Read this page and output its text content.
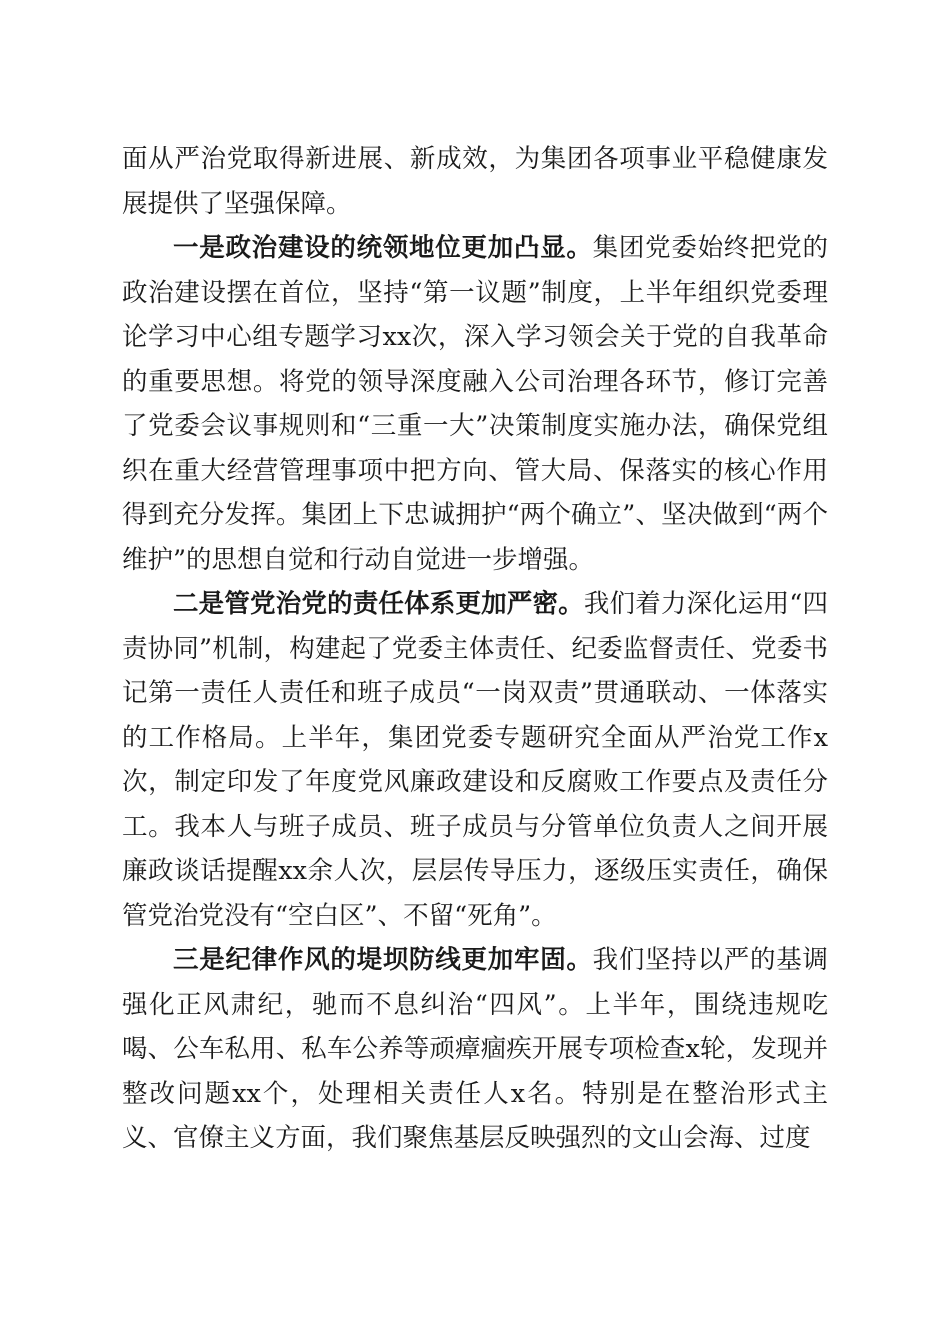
面从严治党取得新进展、新成效，为集团各项事业平稳健康发展提供了坚强保障。

一是政治建设的统领地位更加凸显。集团党委始终把党的政治建设摆在首位，坚持“第一议题”制度，上半年组织党委理论学习中心组专题学习xx次，深入学习领会关于党的自我革命的重要思想。将党的领导深度融入公司治理各环节，修订完善了党委会议事规则和“三重一大”决策制度实施办法，确保党组织在重大经营管理事项中把方向、管大局、保落实的核心作用得到充分发挥。集团上下忠诚拥护“两个确立”、坚决做到“两个维护”的思想自觉和行动自觉进一步增强。

二是管党治党的责任体系更加严密。我们着力深化运用“四责协同”机制，构建起了党委主体责任、纪委监督责任、党委书记第一责任人责任和班子成员“一岗双责”贯通联动、一体落实的工作格局。上半年，集团党委专题研究全面从严治党工作x次，制定印发了年度党风廉政建设和反腐败工作要点及责任分工。我本人与班子成员、班子成员与分管单位负责人之间开展廉政谈话提醒xx余人次，层层传导压力，逐级压实责任，确保管党治党没有“空白区”、不留“死角”。

三是纪律作风的堤坝防线更加牢固。我们坚持以严的基调强化正风肃纪，驰而不息纠治“四风”。上半年，围绕违规吃喝、公车私用、私车公养等顽瘴痼疾开展专项检查x轮，发现并整改问题xx个，处理相关责任人x名。特别是在整治形式主义、官僚主义方面，我们聚焦基层反映强烈的文山会海、过度
